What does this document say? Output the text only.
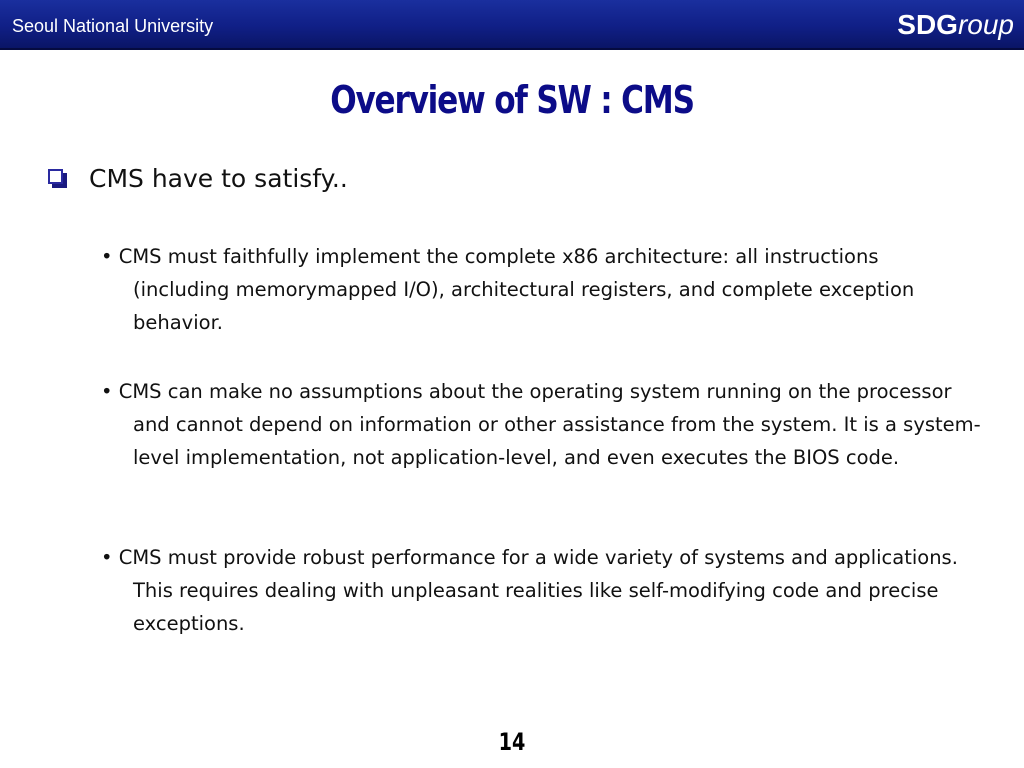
Seoul National University	SDGroup
Overview of SW : CMS
CMS have to satisfy..
• CMS must faithfully implement the complete x86 architecture: all instructions (including memorymapped I/O), architectural registers, and complete exception behavior.
• CMS can make no assumptions about the operating system running on the processor and cannot depend on information or other assistance from the system. It is a system-level implementation, not application-level, and even executes the BIOS code.
• CMS must provide robust performance for a wide variety of systems and applications. This requires dealing with unpleasant realities like self-modifying code and precise exceptions.
14
